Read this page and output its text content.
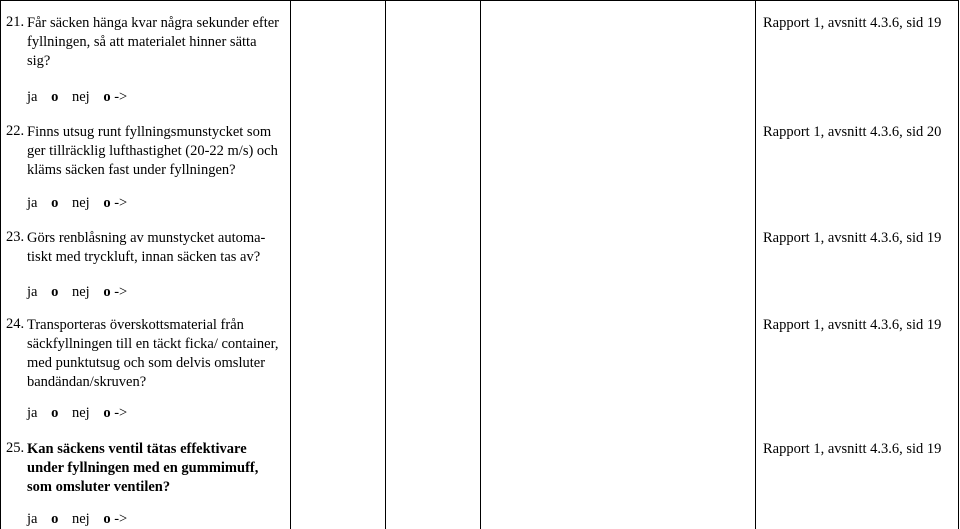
21. Får säcken hänga kvar några sekunder efter
fyllningen, så att materialet hinner sätta
sig?
Rapport 1, avsnitt 4.3.6, sid 19
ja o nej o ->
22. Finns utsug runt fyllningsmunstycket som
ger tillräcklig lufthastighet (20-22 m/s) och
kläms säcken fast under fyllningen?
Rapport 1, avsnitt 4.3.6, sid 20
ja o nej o ->
23. Görs renblåsning av munstycket automa-
tiskt med tryckluft, innan säcken tas av?
Rapport 1, avsnitt 4.3.6, sid 19
ja o nej o ->
24. Transporteras överskottsmaterial från
säckfyllningen till en täckt ficka/ container,
med punktutsug och som delvis omsluter
bandändan/skruven?
Rapport 1, avsnitt 4.3.6, sid 19
ja o nej o ->
25. Kan säckens ventil tätas effektivare
under fyllningen med en gummimuff,
som omsluter ventilen?
Rapport 1, avsnitt 4.3.6, sid 19
ja o nej o ->
